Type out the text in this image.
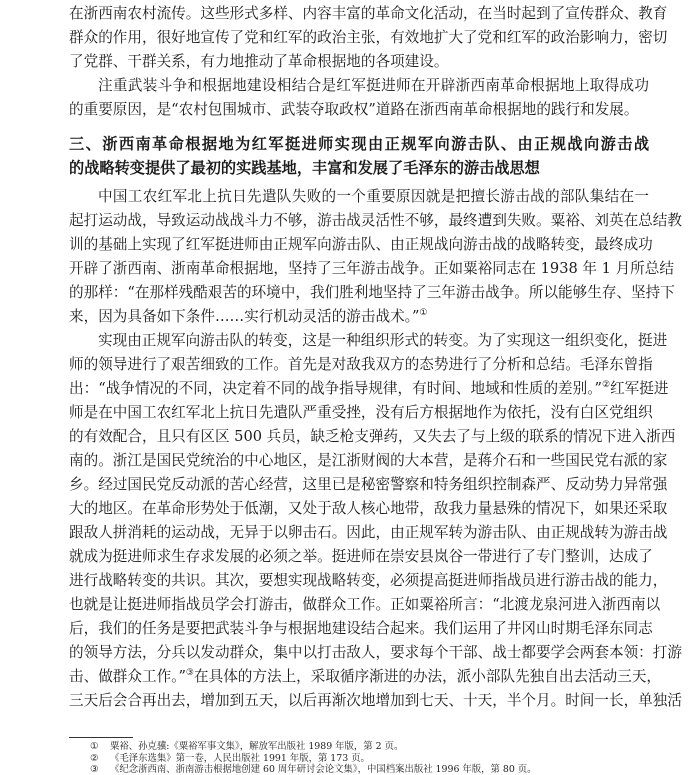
在浙西南农村流传。这些形式多样、内容丰富的革命文化活动，在当时起到了宣传群众、教育
群众的作用，很好地宣传了党和红军的政治主张，有效地扩大了党和红军的政治影响力，密切
了党群、干群关系，有力地推动了革命根据地的各项建设。
注重武装斗争和根据地建设相结合是红军挺进师在开辟浙西南革命根据地上取得成功
的重要原因，是“农村包围城市、武装夺取政权”道路在浙西南革命根据地的践行和发展。
三、浙西南革命根据地为红军挺进师实现由正规军向游击队、由正规战向游击战
的战略转变提供了最初的实践基地，丰富和发展了毛泽东的游击战思想
中国工农红军北上抗日先遣队失败的一个重要原因就是把擅长游击战的部队集结在一
起打运动战，导致运动战战斗力不够，游击战灵活性不够，最终遭到失败。粟裕、刘英在总结教
训的基础上实现了红军挺进师由正规军向游击队、由正规战向游击战的战略转变，最终成功
开辟了浙西南、浙南革命根据地，坚持了三年游击战争。正如粟裕同志在 1938 年 1 月所总结
的那样：“在那样残酷艰苦的环境中，我们胜利地坚持了三年游击战争。所以能够生存、坚持下
来，因为具备如下条件……实行机动灵活的游击战术。”①
实现由正规军向游击队的转变，这是一种组织形式的转变。为了实现这一组织变化，挺进
师的领导进行了艰苦细致的工作。首先是对敌我双方的态势进行了分析和总结。毛泽东曾指
出：“战争情况的不同，决定着不同的战争指导规律，有时间、地域和性质的差别。”②红军挺进
师是在中国工农红军北上抗日先遣队严重受挫，没有后方根据地作为依托，没有白区党组织
的有效配合，且只有区区 500 兵员，缺乏枪支弹药，又失去了与上级的联系的情况下进入浙西
南的。浙江是国民党统治的中心地区，是江浙财阀的大本营，是蒋介石和一些国民党右派的家
乡。经过国民党反动派的苦心经营，这里已是秘密警察和特务组织控制森严、反动势力异常强
大的地区。在革命形势处于低潮，又处于敌人核心地带，敌我力量悬殊的情况下，如果还采取
跟敌人拼消耗的运动战，无异于以卵击石。因此，由正规军转为游击队、由正规战转为游击战
就成为挺进师求生存求发展的必须之举。挺进师在崇安县岚谷一带进行了专门整训，达成了
进行战略转变的共识。其次，要想实现战略转变，必须提高挺进师指战员进行游击战的能力，
也就是让挺进师指战员学会打游击，做群众工作。正如粟裕所言：“北渡龙泉河进入浙西南以
后，我们的任务是要把武装斗争与根据地建设结合起来。我们运用了井冈山时期毛泽东同志
的领导方法，分兵以发动群众，集中以打击敌人，要求每个干部、战士都要学会两套本领：打游
击、做群众工作。”③在具体的方法上，采取循序渐进的办法，派小部队先独自出去活动三天，
三天后会合再出去，增加到五天，以后再渐次地增加到七天、十天，半个月。时间一长，单独活
① 粟裕、孙克骥:《粟裕军事文集》，解放军出版社 1989 年版，第 2 页。
② 《毛泽东选集》第一卷，人民出版社 1991 年版，第 173 页。
③ 《纪念浙西南、浙南游击根据地创建 60 周年研讨会论文集》，中国档案出版社 1996 年版，第 80 页。
